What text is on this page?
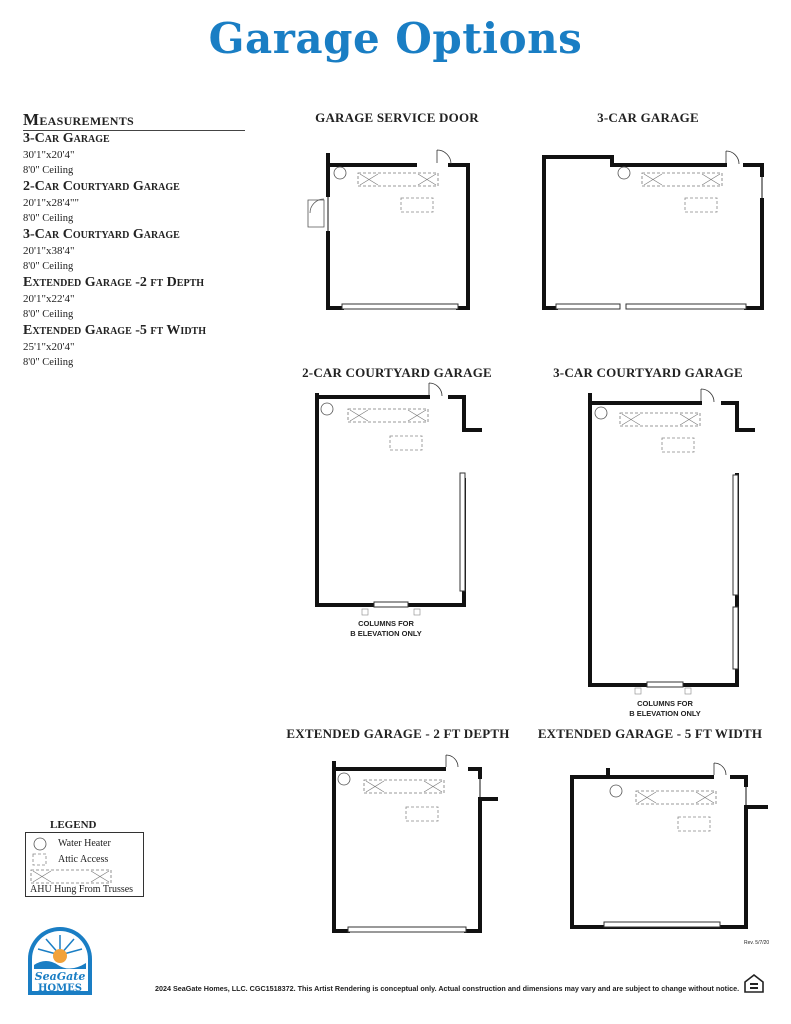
Garage Options
Measurements
3-Car Garage
30'1"x20'4"
8'0" Ceiling
2-Car Courtyard Garage
20'1"x28'4""
8'0" Ceiling
3-Car Courtyard Garage
20'1"x38'4"
8'0" Ceiling
Extended Garage -2 ft Depth
20'1"x22'4"
8'0" Ceiling
Extended Garage -5 ft Width
25'1"x20'4"
8'0" Ceiling
GARAGE SERVICE DOOR	3-CAR GARAGE
2-CAR COURTYARD GARAGE	3-CAR COURTYARD GARAGE
EXTENDED GARAGE - 2 FT DEPTH	EXTENDED GARAGE - 5 FT WIDTH
COLUMNS FOR
B ELEVATION ONLY
COLUMNS FOR
B ELEVATION ONLY
LEGEND
Water Heater
Attic Access
AHU Hung From Trusses
SeaGate
HOMES
Rev. 5/7/20
2024 SeaGate Homes, LLC. CGC1518372. This Artist Rendering is conceptual only. Actual construction and dimensions may vary and are subject to change without notice.
